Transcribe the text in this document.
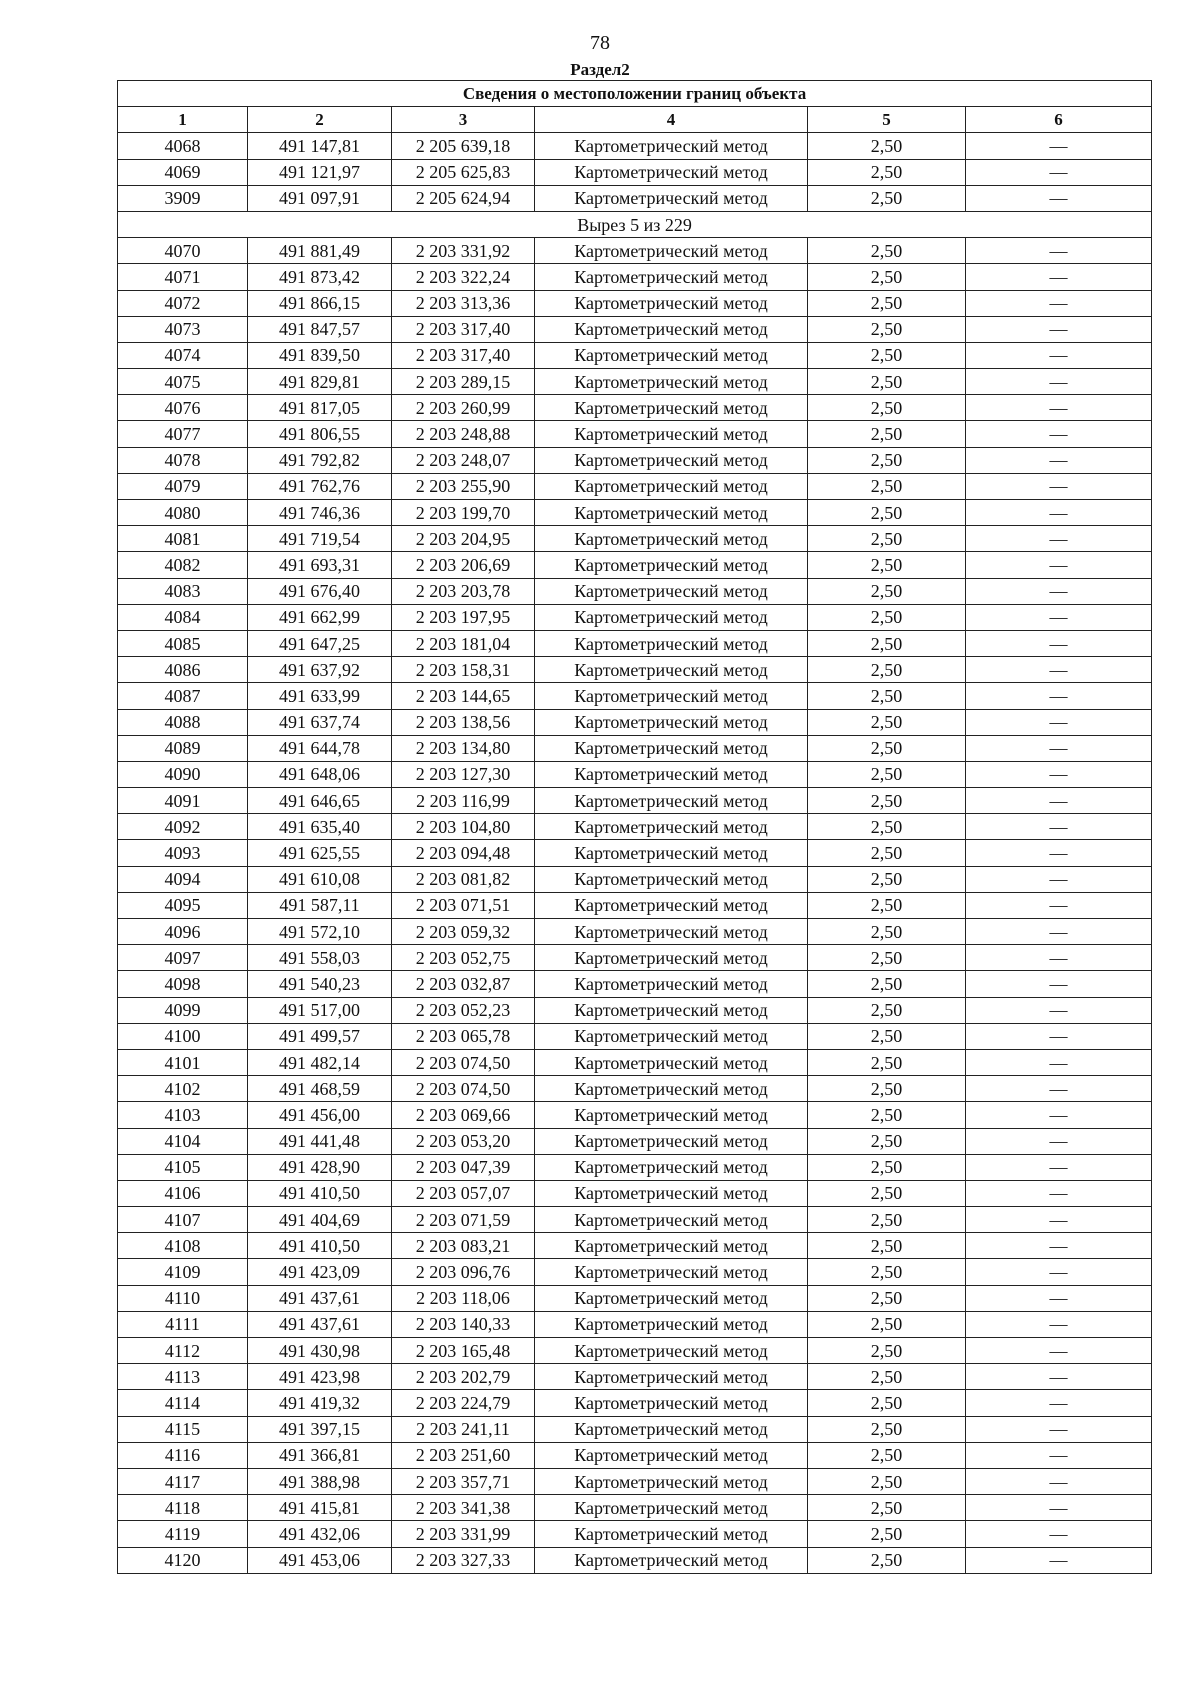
78
Раздел2
Сведения о местоположении границ объекта					
1	2	3	4	5	6
4068	491 147,81	2 205 639,18	Картометрический метод	2,50	—
4069	491 121,97	2 205 625,83	Картометрический метод	2,50	—
3909	491 097,91	2 205 624,94	Картометрический метод	2,50	—
Вырез 5 из 229					
4070	491 881,49	2 203 331,92	Картометрический метод	2,50	—
4071	491 873,42	2 203 322,24	Картометрический метод	2,50	—
4072	491 866,15	2 203 313,36	Картометрический метод	2,50	—
4073	491 847,57	2 203 317,40	Картометрический метод	2,50	—
4074	491 839,50	2 203 317,40	Картометрический метод	2,50	—
4075	491 829,81	2 203 289,15	Картометрический метод	2,50	—
4076	491 817,05	2 203 260,99	Картометрический метод	2,50	—
4077	491 806,55	2 203 248,88	Картометрический метод	2,50	—
4078	491 792,82	2 203 248,07	Картометрический метод	2,50	—
4079	491 762,76	2 203 255,90	Картометрический метод	2,50	—
4080	491 746,36	2 203 199,70	Картометрический метод	2,50	—
4081	491 719,54	2 203 204,95	Картометрический метод	2,50	—
4082	491 693,31	2 203 206,69	Картометрический метод	2,50	—
4083	491 676,40	2 203 203,78	Картометрический метод	2,50	—
4084	491 662,99	2 203 197,95	Картометрический метод	2,50	—
4085	491 647,25	2 203 181,04	Картометрический метод	2,50	—
4086	491 637,92	2 203 158,31	Картометрический метод	2,50	—
4087	491 633,99	2 203 144,65	Картометрический метод	2,50	—
4088	491 637,74	2 203 138,56	Картометрический метод	2,50	—
4089	491 644,78	2 203 134,80	Картометрический метод	2,50	—
4090	491 648,06	2 203 127,30	Картометрический метод	2,50	—
4091	491 646,65	2 203 116,99	Картометрический метод	2,50	—
4092	491 635,40	2 203 104,80	Картометрический метод	2,50	—
4093	491 625,55	2 203 094,48	Картометрический метод	2,50	—
4094	491 610,08	2 203 081,82	Картометрический метод	2,50	—
4095	491 587,11	2 203 071,51	Картометрический метод	2,50	—
4096	491 572,10	2 203 059,32	Картометрический метод	2,50	—
4097	491 558,03	2 203 052,75	Картометрический метод	2,50	—
4098	491 540,23	2 203 032,87	Картометрический метод	2,50	—
4099	491 517,00	2 203 052,23	Картометрический метод	2,50	—
4100	491 499,57	2 203 065,78	Картометрический метод	2,50	—
4101	491 482,14	2 203 074,50	Картометрический метод	2,50	—
4102	491 468,59	2 203 074,50	Картометрический метод	2,50	—
4103	491 456,00	2 203 069,66	Картометрический метод	2,50	—
4104	491 441,48	2 203 053,20	Картометрический метод	2,50	—
4105	491 428,90	2 203 047,39	Картометрический метод	2,50	—
4106	491 410,50	2 203 057,07	Картометрический метод	2,50	—
4107	491 404,69	2 203 071,59	Картометрический метод	2,50	—
4108	491 410,50	2 203 083,21	Картометрический метод	2,50	—
4109	491 423,09	2 203 096,76	Картометрический метод	2,50	—
4110	491 437,61	2 203 118,06	Картометрический метод	2,50	—
4111	491 437,61	2 203 140,33	Картометрический метод	2,50	—
4112	491 430,98	2 203 165,48	Картометрический метод	2,50	—
4113	491 423,98	2 203 202,79	Картометрический метод	2,50	—
4114	491 419,32	2 203 224,79	Картометрический метод	2,50	—
4115	491 397,15	2 203 241,11	Картометрический метод	2,50	—
4116	491 366,81	2 203 251,60	Картометрический метод	2,50	—
4117	491 388,98	2 203 357,71	Картометрический метод	2,50	—
4118	491 415,81	2 203 341,38	Картометрический метод	2,50	—
4119	491 432,06	2 203 331,99	Картометрический метод	2,50	—
4120	491 453,06	2 203 327,33	Картометрический метод	2,50	—
